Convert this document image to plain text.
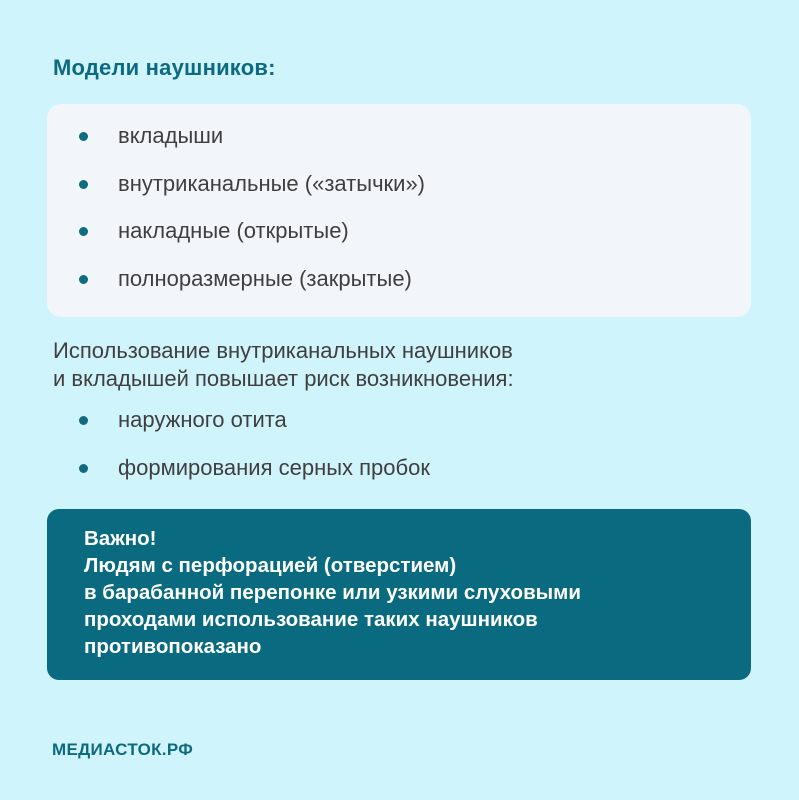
Модели наушников:
вкладыши
внутриканальные («затычки»)
накладные (открытые)
полноразмерные (закрытые)

Использование внутриканальных наушников
и вкладышей повышает риск возникновения:

наружного отита
формирования серных пробок
Важно!
Людям с перфорацией (отверстием)
в барабанной перепонке или узкими слуховыми
проходами использование таких наушников
противопоказано
МЕДИАСТОК.РФ
